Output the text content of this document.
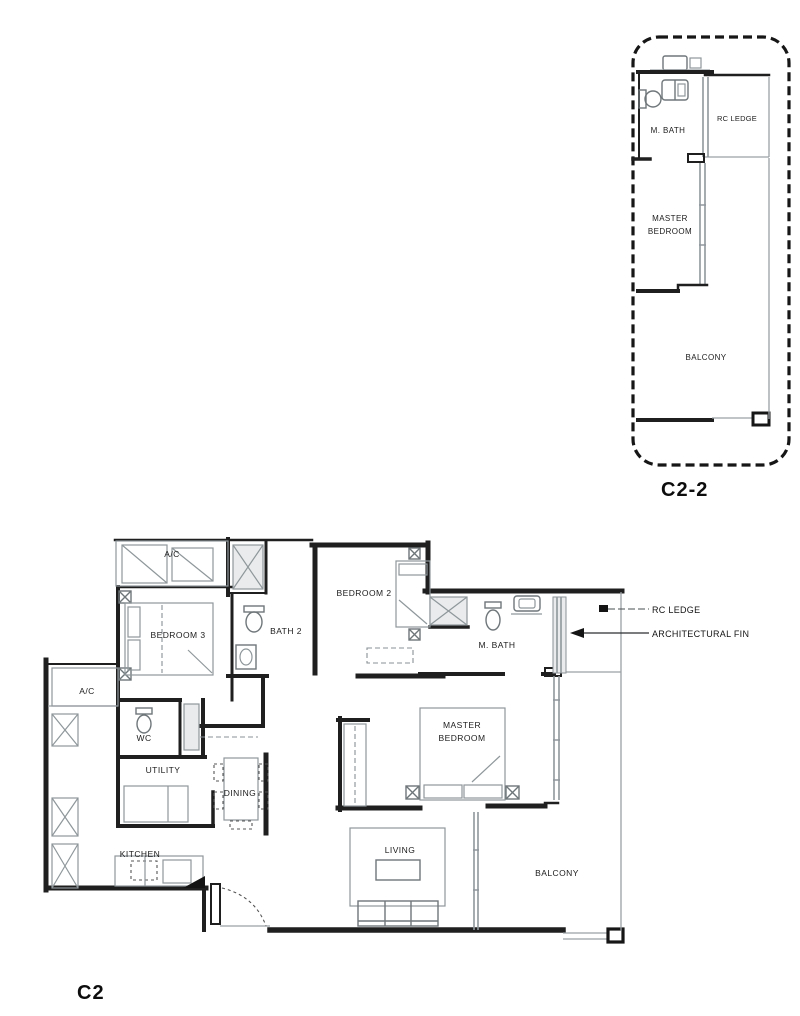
M. BATH
RC LEDGE
MASTER
BEDROOM
BALCONY
C2-2
RC LEDGE
ARCHITECTURAL FIN
A/C
BEDROOM 3	BATH 2
BEDROOM 2
M. BATH
A/C
WC
UTILITY
DINING
MASTER
BEDROOM
KITCHEN	LIVING
BALCONY
C2
